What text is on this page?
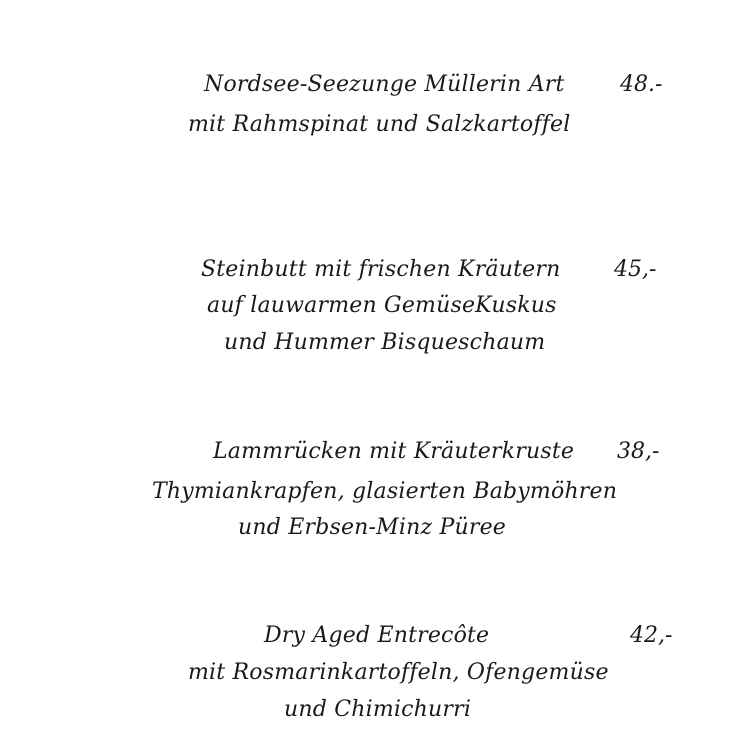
Nordsee-Seezunge Müllerin Art
mit Rahmspinat und Salzkartoffel
48.-
Steinbutt mit frischen Kräutern
auf lauwarmen GemüseKuskus
und Hummer Bisqueschaum
45,-
Lammrücken mit Kräuterkruste
Thymiankrapfen, glasierten Babymöhren
und Erbsen-Minz Püree
38,-
Dry Aged Entrecôte
mit Rosmarinkartoffeln, Ofengemüse
und Chimichurri
42,-
